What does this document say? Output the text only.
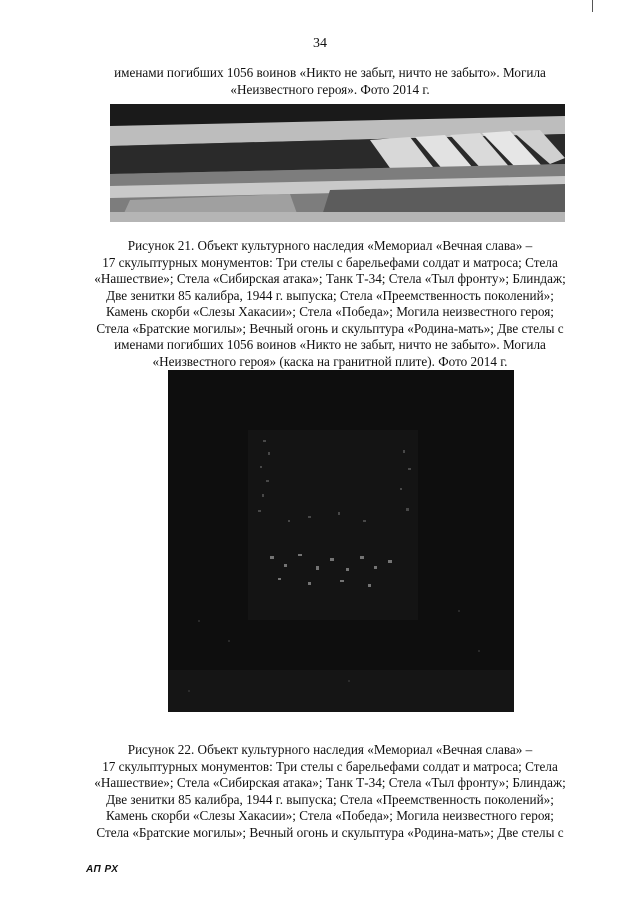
34
именами погибших 1056 воинов «Никто не забыт, ничто не забыто». Могила
«Неизвестного героя». Фото 2014 г.
Рисунок 21. Объект культурного наследия «Мемориал «Вечная слава» –
17 скульптурных монументов: Три стелы с барельефами солдат и матроса; Стела
«Нашествие»; Стела «Сибирская атака»; Танк Т-34; Стела «Тыл фронту»; Блиндаж;
Две зенитки 85 калибра, 1944 г. выпуска; Стела «Преемственность поколений»;
Камень скорби «Слезы Хакасии»; Стела «Победа»; Могила неизвестного героя;
Стела «Братские могилы»; Вечный огонь и скульптура «Родина-мать»; Две стелы с
именами погибших 1056 воинов «Никто не забыт, ничто не забыто». Могила
«Неизвестного героя» (каска на гранитной плите). Фото 2014 г.
Рисунок 22. Объект культурного наследия «Мемориал «Вечная слава» –
17 скульптурных монументов: Три стелы с барельефами солдат и матроса; Стела
«Нашествие»; Стела «Сибирская атака»; Танк Т-34; Стела «Тыл фронту»; Блиндаж;
Две зенитки 85 калибра, 1944 г. выпуска; Стела «Преемственность поколений»;
Камень скорби «Слезы Хакасии»; Стела «Победа»; Могила неизвестного героя;
Стела «Братские могилы»; Вечный огонь и скульптура «Родина-мать»; Две стелы с
АП РХ
